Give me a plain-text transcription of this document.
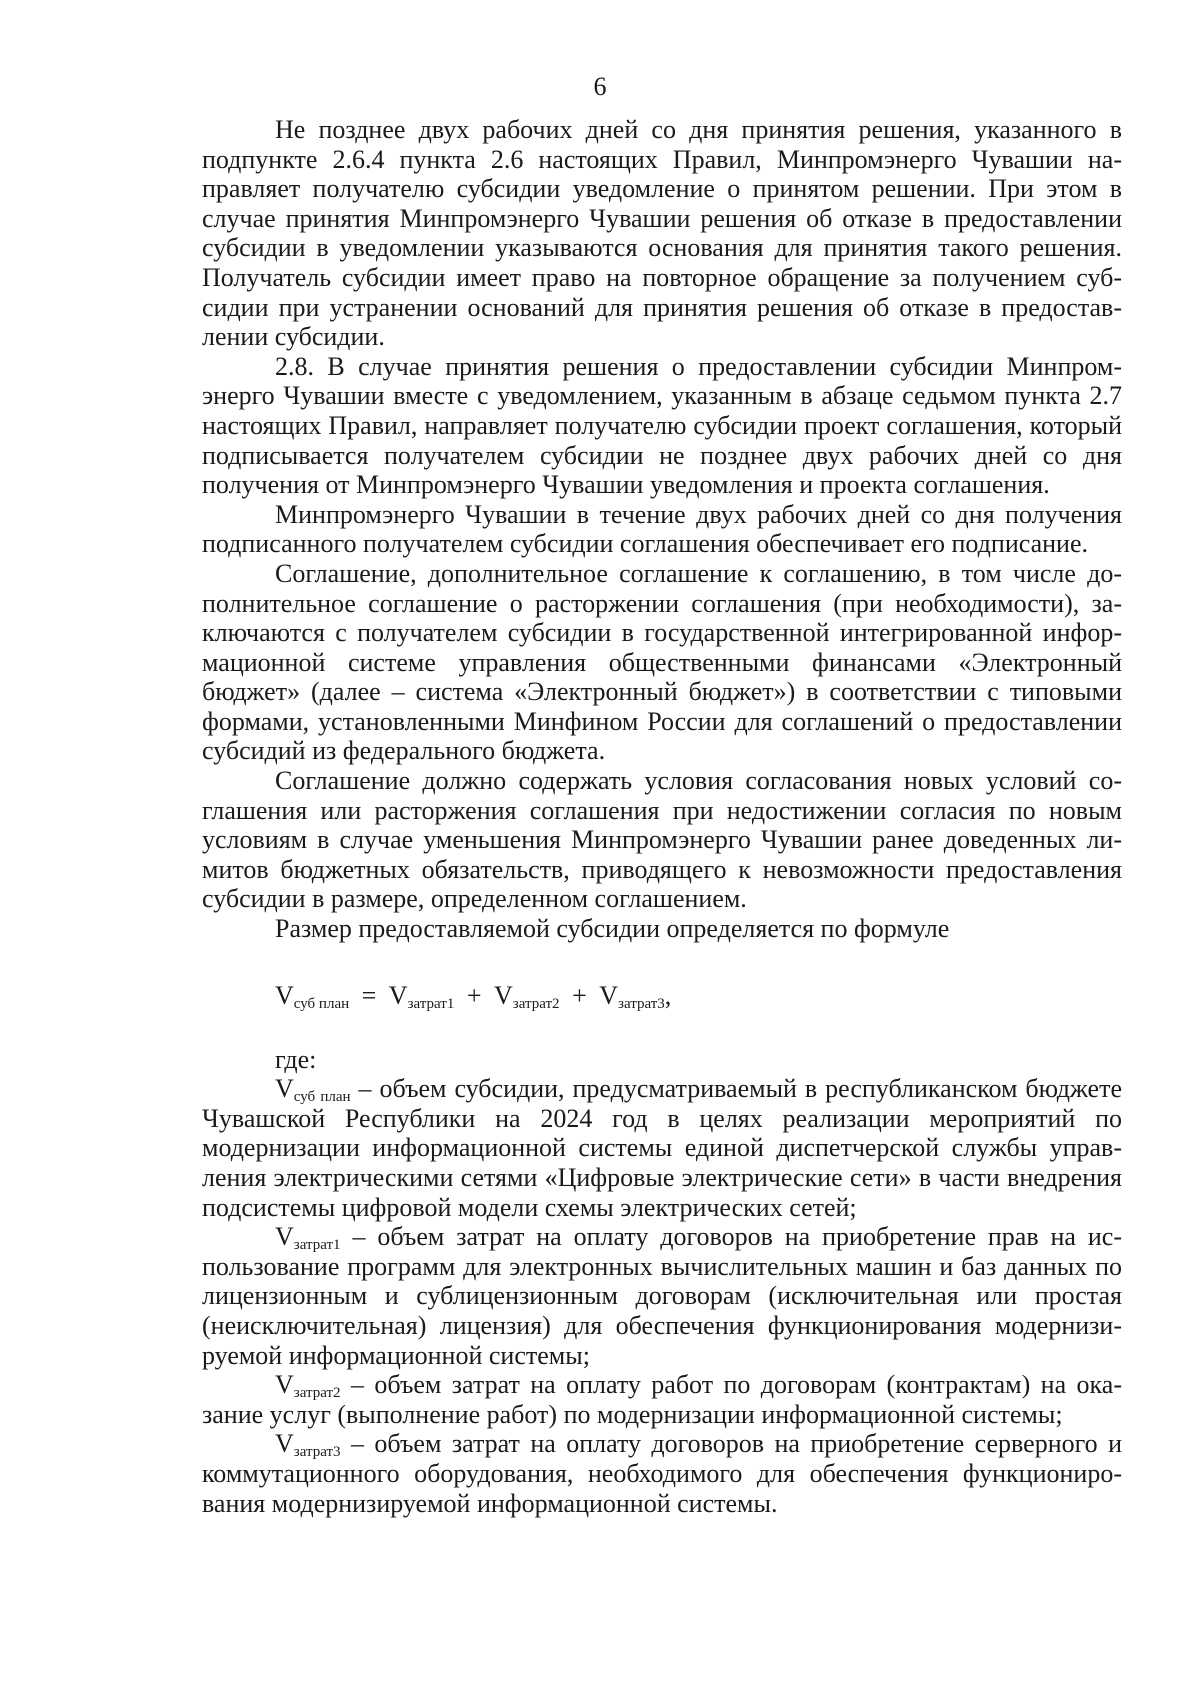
6

Не позднее двух рабочих дней со дня принятия решения, указанного в подпункте 2.6.4 пункта 2.6 настоящих Правил, Минпромэнерго Чувашии направляет получателю субсидии уведомление о принятом решении. При этом в случае принятия Минпромэнерго Чувашии решения об отказе в предоставлении субсидии в уведомлении указываются основания для принятия такого решения. Получатель субсидии имеет право на повторное обращение за получением субсидии при устранении оснований для принятия решения об отказе в предоставлении субсидии.

2.8. В случае принятия решения о предоставлении субсидии Минпромэнерго Чувашии вместе с уведомлением, указанным в абзаце седьмом пункта 2.7 настоящих Правил, направляет получателю субсидии проект соглашения, который подписывается получателем субсидии не позднее двух рабочих дней со дня получения от Минпромэнерго Чувашии уведомления и проекта соглашения.

Минпромэнерго Чувашии в течение двух рабочих дней со дня получения подписанного получателем субсидии соглашения обеспечивает его подписание.

Соглашение, дополнительное соглашение к соглашению, в том числе дополнительное соглашение о расторжении соглашения (при необходимости), заключаются с получателем субсидии в государственной интегрированной информационной системе управления общественными финансами «Электронный бюджет» (далее – система «Электронный бюджет») в соответствии с типовыми формами, установленными Минфином России для соглашений о предоставлении субсидий из федерального бюджета.

Соглашение должно содержать условия согласования новых условий соглашения или расторжения соглашения при недостижении согласия по новым условиям в случае уменьшения Минпромэнерго Чувашии ранее доведенных лимитов бюджетных обязательств, приводящего к невозможности предоставления субсидии в размере, определенном соглашением.

Размер предоставляемой субсидии определяется по формуле

$V_{суб план} = V_{затрат1} + V_{затрат2} + V_{затрат3}$,

где:

$V_{суб план}$ – объем субсидии, предусматриваемый в республиканском бюджете Чувашской Республики на 2024 год в целях реализации мероприятий по модернизации информационной системы единой диспетчерской службы управления электрическими сетями «Цифровые электрические сети» в части внедрения подсистемы цифровой модели схемы электрических сетей;

$V_{затрат1}$ – объем затрат на оплату договоров на приобретение прав на использование программ для электронных вычислительных машин и баз данных по лицензионным и сублицензионным договорам (исключительная или простая (неисключительная) лицензия) для обеспечения функционирования модернизируемой информационной системы;

$V_{затрат2}$ – объем затрат на оплату работ по договорам (контрактам) на оказание услуг (выполнение работ) по модернизации информационной системы;

$V_{затрат3}$ – объем затрат на оплату договоров на приобретение серверного и коммутационного оборудования, необходимого для обеспечения функционирования модернизируемой информационной системы.
